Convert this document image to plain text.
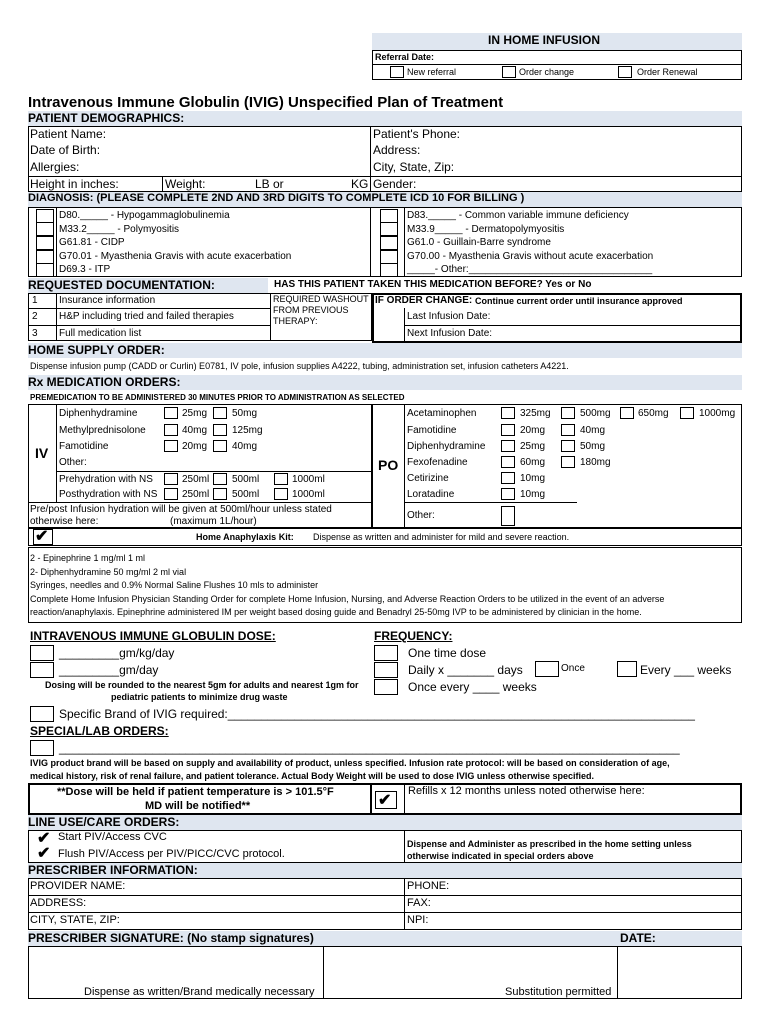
IN HOME INFUSION
Referral Date:
New referral	Order change	Order Renewal
Intravenous Immune Globulin (IVIG) Unspecified Plan of Treatment
PATIENT DEMOGRAPHICS:
Patient Name:	Patient's Phone:
Date of Birth:	Address:
Allergies:	City, State, Zip:
Height in inches:	Weight:	LB or	KG Gender:
DIAGNOSIS: (PLEASE COMPLETE 2ND AND 3RD DIGITS TO COMPLETE ICD 10 FOR BILLING )
D80._____ - Hypogammaglobulinemia
M33.2_____ - Polymyositis
G61.81 - CIDP
G70.01 - Myasthenia Gravis with acute exacerbation
D69.3 - ITP
D83._____ - Common variable immune deficiency
M33.9_____ - Dermatopolymyositis
G61.0 - Guillain-Barre syndrome
G70.00 - Myasthenia Gravis without acute exacerbation
_____- Other:_________________________________
REQUESTED DOCUMENTATION:	HAS THIS PATIENT TAKEN THIS MEDICATION BEFORE? Yes or No
1 Insurance information
2 H&P including tried and failed therapies
3 Full medication list
REQUIRED WASHOUT FROM PREVIOUS THERAPY:
IF ORDER CHANGE: Continue current order until insurance approved
Last Infusion Date:
Next Infusion Date:
HOME SUPPLY ORDER:
Dispense infusion pump (CADD or Curlin) E0781, IV pole, infusion supplies A4222, tubing, administration set, infusion catheters A4221.
Rx MEDICATION ORDERS:
PREMEDICATION TO BE ADMINISTERED 30 MINUTES PRIOR TO ADMINISTRATION AS SELECTED
IV
PO
Diphenhydramine	25mg 50mg
Methylprednisolone	40mg 125mg
Famotidine	20mg 40mg
Other:
Prehydration with NS	250ml 500ml	1000ml
Posthydration with NS 250ml 500ml	1000ml
Pre/post Infusion hydration will be given at 500ml/hour unless stated
otherwise here:	(maximum 1L/hour)
Acetaminophen	325mg	500mg	650mg	1000mg
Famotidine	20mg	40mg
Diphenhydramine	25mg	50mg
Fexofenadine	60mg	180mg
Cetirizine	10mg
Loratadine	10mg
Other:
✔	Home Anaphylaxis Kit: Dispense as written and administer for mild and severe reaction.
2 - Epinephrine 1 mg/ml 1 ml
2- Diphenhydramine 50 mg/ml 2 ml vial
Syringes, needles and 0.9% Normal Saline Flushes 10 mls to administer
Complete Home Infusion Physician Standing Order for complete Home Infusion, Nursing, and Adverse Reaction Orders to be utilized in the event of an adverse
reaction/anaphylaxis. Epinephrine administered IM per weight based dosing guide and Benadryl 25-50mg IVP to be administered by clinician in the home.
INTRAVENOUS IMMUNE GLOBULIN DOSE:
_________gm/kg/day
_________gm/day
Dosing will be rounded to the nearest 5gm for adults and nearest 1gm for
pediatric patients to minimize drug waste
Specific Brand of IVIG required:______________________________________________________________________
FREQUENCY:
One time dose
Daily x _______ days	Once	Every ___ weeks
Once every ____ weeks
SPECIAL/LAB ORDERS:
_____________________________________________________________________________________________
IVIG product brand will be based on supply and availability of product, unless specified. Infusion rate protocol: will be based on consideration of age,
medical history, risk of renal failure, and patient tolerance. Actual Body Weight will be used to dose IVIG unless otherwise specified.
**Dose will be held if patient temperature is > 101.5°F
MD will be notified**	✔
Refills x 12 months unless noted otherwise here:
LINE USE/CARE ORDERS:
✔ Start PIV/Access CVC
✔ Flush PIV/Access per PIV/PICC/CVC protocol.
Dispense and Administer as prescribed in the home setting unless
otherwise indicated in special orders above
PRESCRIBER INFORMATION:
PROVIDER NAME:	PHONE:
ADDRESS:	FAX:
CITY, STATE, ZIP:	NPI:
PRESCRIBER SIGNATURE: (No stamp signatures)	DATE:
Dispense as written/Brand medically necessary	Substitution permitted
